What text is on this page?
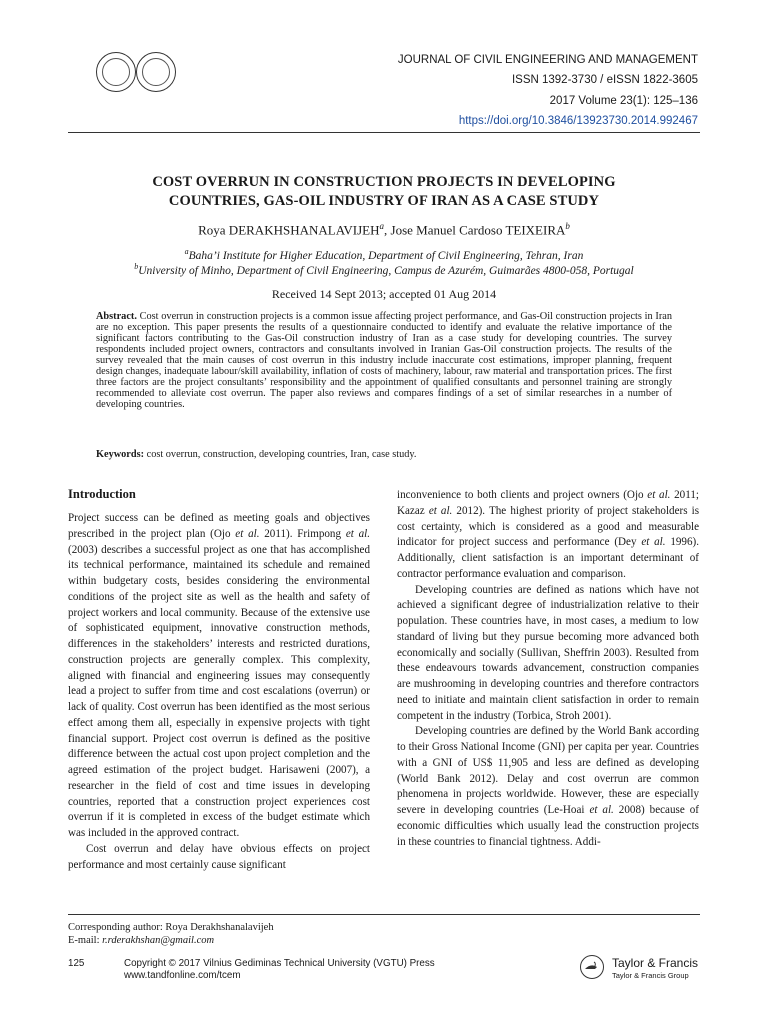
JOURNAL OF CIVIL ENGINEERING AND MANAGEMENT
ISSN 1392-3730 / eISSN 1822-3605
2017 Volume 23(1): 125–136
https://doi.org/10.3846/13923730.2014.992467
COST OVERRUN IN CONSTRUCTION PROJECTS IN DEVELOPING
COUNTRIES, GAS-OIL INDUSTRY OF IRAN AS A CASE STUDY
Roya DERAKHSHANALAVIJEH$^a$, Jose Manuel Cardoso TEIXEIRA$^b$
$^a$Baha’i Institute for Higher Education, Department of Civil Engineering, Tehran, Iran
$^b$University of Minho, Department of Civil Engineering, Campus de Azurém, Guimarães 4800-058, Portugal
Received 14 Sept 2013; accepted 01 Aug 2014
Abstract. Cost overrun in construction projects is a common issue affecting project performance, and Gas-Oil construction projects in Iran are no exception. This paper presents the results of a questionnaire conducted to identify and evaluate the relative importance of the significant factors contributing to the Gas-Oil construction industry of Iran as a case study for developing countries. The survey respondents included project owners, contractors and consultants involved in Iranian Gas-Oil construction projects. The results of the survey revealed that the main causes of cost overrun in this industry include inaccurate cost estimations, improper planning, frequent design changes, inadequate labour/skill availability, inflation of costs of machinery, labour, raw material and transportation prices. The first three factors are the project consultants’ responsibility and the appointment of qualified consultants and personnel training are strongly recommended to alleviate cost overrun. The paper also reviews and compares findings of a set of similar researches in a number of developing countries.
Keywords: cost overrun, construction, developing countries, Iran, case study.
Introduction

Project success can be defined as meeting goals and objectives prescribed in the project plan (Ojo et al. 2011). Frimpong et al. (2003) describes a successful project as one that has accomplished its technical performance, maintained its schedule and remained within budgetary costs, besides considering the environmental conditions of the project site as well as the health and safety of project workers and local community. Because of the extensive use of sophisticated equipment, innovative construction methods, differences in the stakeholders’ interests and restricted durations, construction projects are generally complex. This complexity, aligned with financial and engineering issues may consequently lead a project to suffer from time and cost escalations (overrun) or lack of quality. Cost overrun has been identified as the most serious effect among them all, especially in expensive projects with tight financial support. Project cost overrun is defined as the positive difference between the actual cost upon project completion and the agreed estimation of the project budget. Harisaweni (2007), a researcher in the field of cost and time issues in developing countries, reported that a construction project experiences cost overrun if it is completed in excess of the budget estimate which was included in the approved contract.

Cost overrun and delay have obvious effects on project performance and most certainly cause significant

inconvenience to both clients and project owners (Ojo et al. 2011; Kazaz et al. 2012). The highest priority of project stakeholders is cost certainty, which is considered as a good and measurable indicator for project success and performance (Dey et al. 1996). Additionally, client satisfaction is an important determinant of contractor performance evaluation and comparison.

Developing countries are defined as nations which have not achieved a significant degree of industrialization relative to their population. These countries have, in most cases, a medium to low standard of living but they pursue becoming more advanced both economically and socially (Sullivan, Sheffrin 2003). Resulted from these endeavours towards advancement, construction companies are mushrooming in developing countries and therefore contractors need to initiate and maintain client satisfaction in order to remain competent in the industry (Torbica, Stroh 2001).

Developing countries are defined by the World Bank according to their Gross National Income (GNI) per capita per year. Countries with a GNI of US$ 11,905 and less are defined as developing (World Bank 2012). Delay and cost overrun are common phenomena in projects worldwide. However, these are especially severe in developing countries (Le-Hoai et al. 2008) because of economic difficulties which usually lead the construction projects in these countries to financial tightness. Addi-

Corresponding author: Roya Derakhshanalavijeh
E-mail: r.rderakhshan@gmail.com
125	Copyright © 2017 Vilnius Gediminas Technical University (VGTU) Press
www.tandfonline.com/tcem
Taylor & Francis
Taylor & Francis Group
